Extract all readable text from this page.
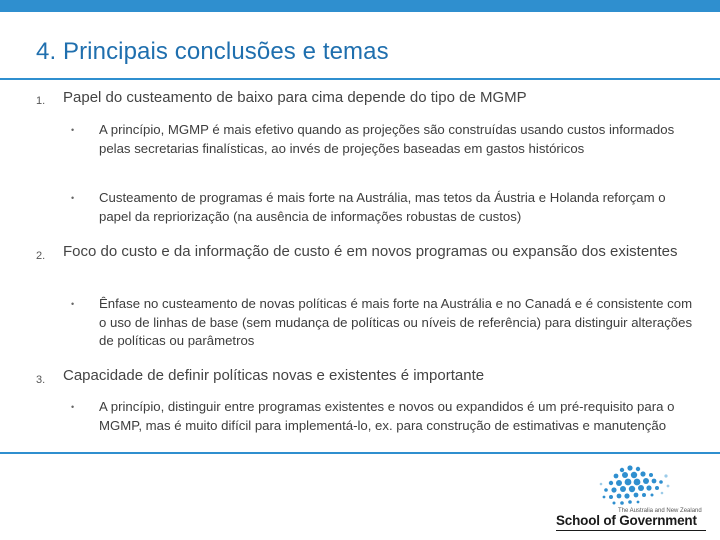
4. Principais conclusões e temas
1. Papel do custeamento de baixo para cima depende do tipo de MGMP

• A princípio, MGMP é mais efetivo quando as projeções são construídas usando custos informados pelas secretarias finalísticas, ao invés de projeções baseadas em gastos históricos

• Custeamento de programas é mais forte na Austrália, mas tetos da Áustria e Holanda reforçam o papel da repriorização (na ausência de informações robustas de custos)

2. Foco do custo e da informação de custo é em novos programas ou expansão dos existentes

• Ênfase no custeamento de novas políticas é mais forte na Austrália e no Canadá e é consistente com o uso de linhas de base (sem mudança de políticas ou níveis de referência) para distinguir alterações de políticas ou parâmetros

3. Capacidade de definir políticas novas e existentes é importante

• A princípio, distinguir entre programas existentes e novos ou expandidos é um pré-requisito para o MGMP, mas é muito difícil para implementá-lo, ex. para construção de estimativas e manutenção

The Australia and New Zealand
School of Government
